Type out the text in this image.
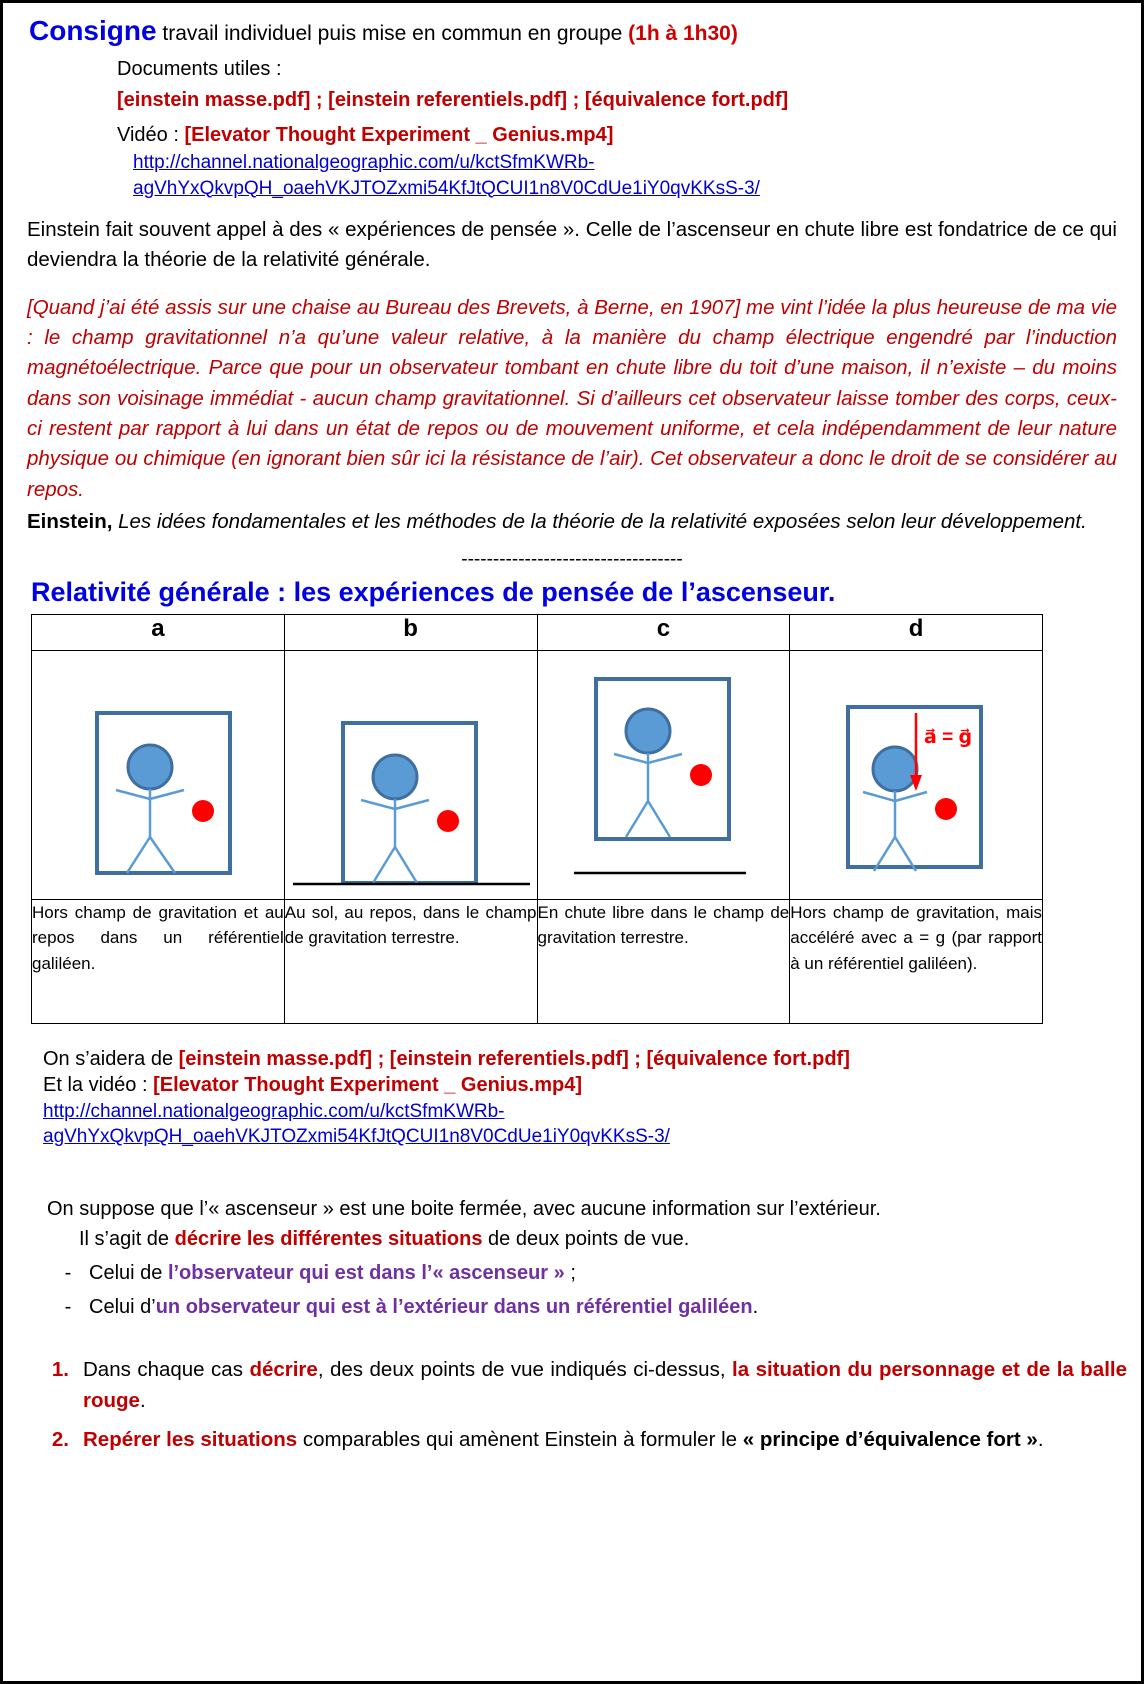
Consigne travail individuel puis mise en commun en groupe (1h à 1h30)
Documents utiles :
[einstein masse.pdf] ; [einstein referentiels.pdf] ; [équivalence fort.pdf]
Vidéo : [Elevator Thought Experiment _ Genius.mp4]
http://channel.nationalgeographic.com/u/kctSfmKWRb-
agVhYxQkvpQH_oaehVKJTOZxmi54KfJtQCUI1n8V0CdUe1iY0qvKKsS-3/
Einstein fait souvent appel à des « expériences de pensée ». Celle de l’ascenseur en chute libre est fondatrice de ce qui deviendra la théorie de la relativité générale.
[Quand j’ai été assis sur une chaise au Bureau des Brevets, à Berne, en 1907] me vint l’idée la plus heureuse de ma vie : le champ gravitationnel n’a qu’une valeur relative, à la manière du champ électrique engendré par l’induction magnétoélectrique. Parce que pour un observateur tombant en chute libre du toit d’une maison, il n’existe – du moins dans son voisinage immédiat - aucun champ gravitationnel. Si d’ailleurs cet observateur laisse tomber des corps, ceux-ci restent par rapport à lui dans un état de repos ou de mouvement uniforme, et cela indépendamment de leur nature physique ou chimique (en ignorant bien sûr ici la résistance de l’air). Cet observateur a donc le droit de se considérer au repos.
Einstein, Les idées fondamentales et les méthodes de la théorie de la relativité exposées selon leur développement.
-----------------------------------
Relativité générale : les expériences de pensée de l’ascenseur.
a	b	c	d

a⃗ = g⃗

Hors champ de gravitation et au repos dans un référentiel galiléen.	Au sol, au repos, dans le champ de gravitation terrestre.	En chute libre dans le champ de gravitation terrestre.	Hors champ de gravitation, mais accéléré avec a = g (par rapport à un référentiel galiléen).
On s’aidera de [einstein masse.pdf] ; [einstein referentiels.pdf] ; [équivalence fort.pdf]
Et la vidéo : [Elevator Thought Experiment _ Genius.mp4]
http://channel.nationalgeographic.com/u/kctSfmKWRb-
agVhYxQkvpQH_oaehVKJTOZxmi54KfJtQCUI1n8V0CdUe1iY0qvKKsS-3/
On suppose que l’« ascenseur » est une boite fermée, avec aucune information sur l’extérieur.
Il s’agit de décrire les différentes situations de deux points de vue.
- Celui de l’observateur qui est dans l’« ascenseur » ;
- Celui d’un observateur qui est à l’extérieur dans un référentiel galiléen.
1. Dans chaque cas décrire, des deux points de vue indiqués ci-dessus, la situation du personnage et de la balle rouge.
2. Repérer les situations comparables qui amènent Einstein à formuler le « principe d’équivalence fort ».
